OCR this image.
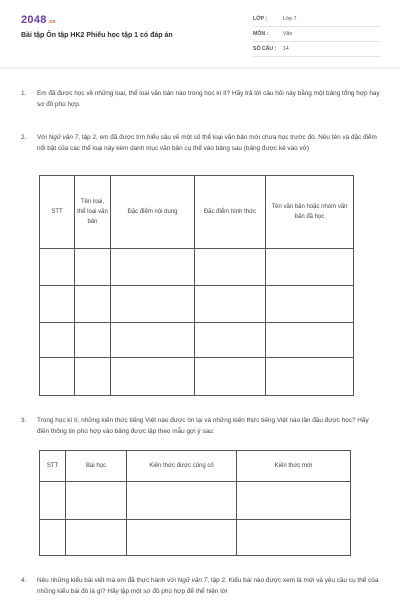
2048.vn
Bài tập Ôn tập HK2 Phiếu học tập 1 có đáp án
LỚP :	Lớp 7
MÔN :	Văn
SỐ CÂU :	14
1.	Em đã được học về những loại, thể loại văn bản nào trong học kì II? Hãy trả lời câu hỏi này bằng một bảng tổng hợp hay sơ đồ phù hợp.
2.	Với Ngữ văn 7, tập 2, em đã được tìm hiểu sâu về một số thể loại văn bản mới chưa học trước đó. Nêu tên và đặc điểm nổi bật của các thể loại này kèm danh mục văn bản cụ thể vào bảng sau (bảng được kẻ vào vở)
STT	Tên loại, thể loại văn bản	Đặc điểm nội dung	Đặc điểm hình thức	Tên văn bản hoặc nhóm văn bản đã học

3.	Trong học kì II, những kiến thức tiếng Việt nào được ôn lại và những kiến thức tiếng Việt nào lần đầu được học? Hãy điền thông tin phù hợp vào bảng được lập theo mẫu gợi ý sau:
STT	Bài học	Kiến thức được củng cố	Kiến thức mới

4.	Nêu những kiểu bài viết mà em đã thực hành với Ngữ văn 7, tập 2. Kiểu bài nào được xem là mới và yêu cầu cụ thể của những kiểu bài đó là gì? Hãy lập một sơ đồ phù hợp để thể hiện lời
